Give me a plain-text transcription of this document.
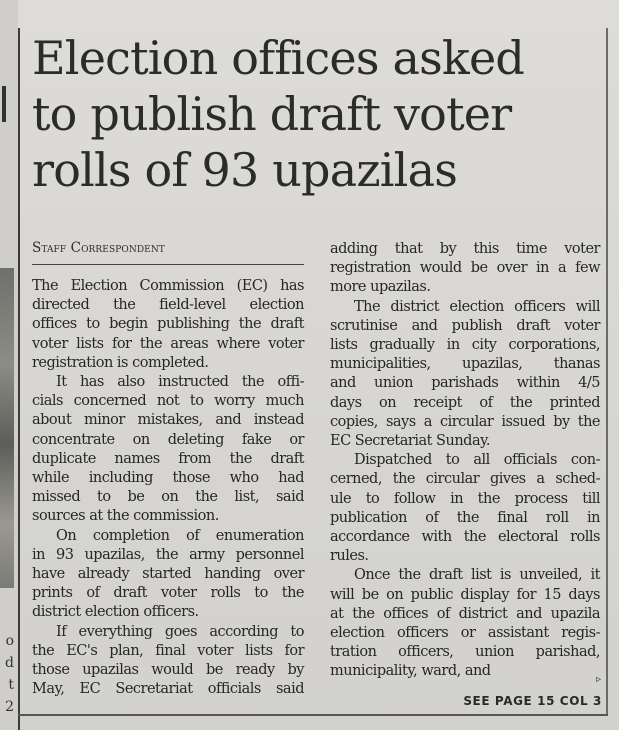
o
d
t
2
Election offices asked
to publish draft voter
rolls of 93 upazilas
Staff Correspondent

The Election Commission (EC) has
directed the field-level election
offices to begin publishing the draft
voter lists for the areas where voter
registration is completed.

It has also instructed the offi-
cials concerned not to worry much
about minor mistakes, and instead
concentrate on deleting fake or
duplicate names from the draft
while including those who had
missed to be on the list, said
sources at the commission.

On completion of enumeration
in 93 upazilas, the army personnel
have already started handing over
prints of draft voter rolls to the
district election officers.

If everything goes according to
the EC's plan, final voter lists for
those upazilas would be ready by
May, EC Secretariat officials said

adding that by this time voter
registration would be over in a few
more upazilas.

The district election officers will
scrutinise and publish draft voter
lists gradually in city corporations,
municipalities, upazilas, thanas
and union parishads within 4/5
days on receipt of the printed
copies, says a circular issued by the
EC Secretariat Sunday.

Dispatched to all officials con-
cerned, the circular gives a sched-
ule to follow in the process till
publication of the final roll in
accordance with the electoral rolls
rules.

Once the draft list is unveiled, it
will be on public display for 15 days
at the offices of district and upazila
election officers or assistant regis-
tration officers, union parishad,
municipality, ward, and

▹
SEE PAGE 15 COL 3
